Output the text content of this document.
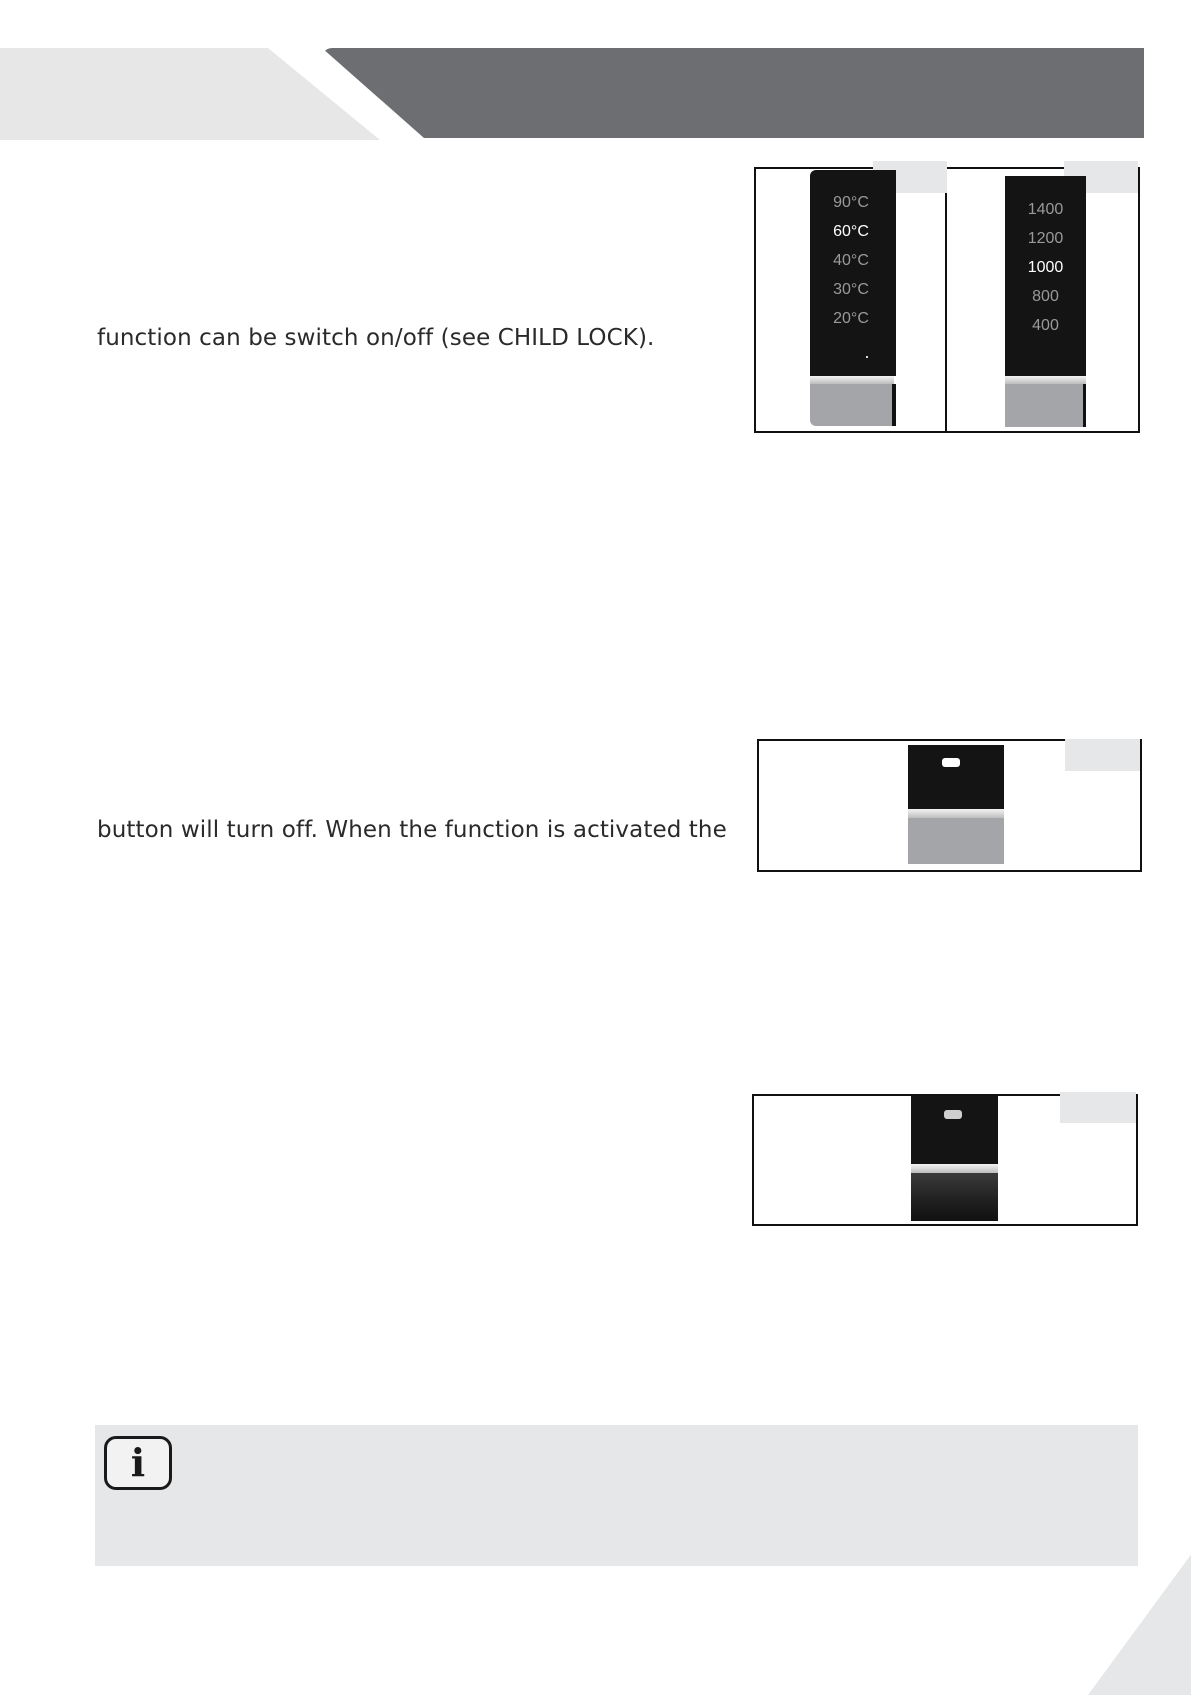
function can be switch on/off (see CHILD LOCK).
button will turn off. When the function is activated the
90°C
60°C
40°C
30°C
20°C
1400
1200
1000
800
400
i
